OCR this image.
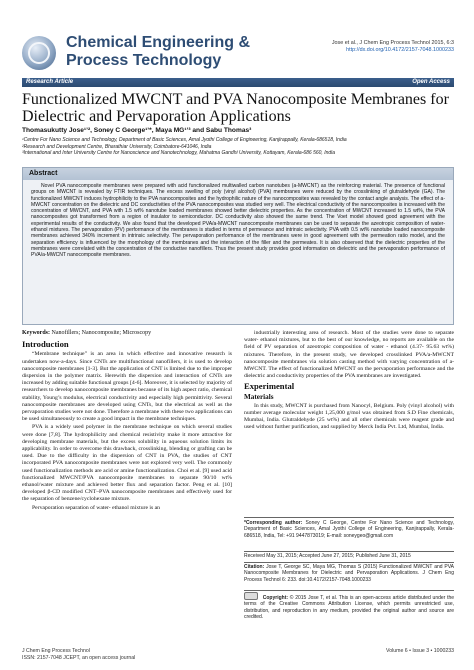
Chemical Engineering & Process Technology
Jose et al., J Chem Eng Process Technol 2015, 6:3
http://dx.doi.org/10.4172/2157-7048.1000233
Research Article	Open Access
Functionalized MWCNT and PVA Nanocomposite Membranes for Dielectric and Pervaporation Applications
Thomasukutty Jose¹ʼ², Soney C George¹ʼ*, Maya MG¹ʼ³ and Sabu Thomas³
¹Centre For Nano Science and Technology, Department of Basic Sciences, Amal Jyothi College of Engineering, Kanjirappally, Kerala-686518, India
²Research and Development Centre, Bharathiar University, Coimbatore-641046, India
³International and Inter University Centre for Nanoscience and Nanotechnology, Mahatma Gandhi University, Kottayam, Kerala-686 560, India
Abstract
Novel PVA nanocomposite membranes were prepared with acid functionalized multiwalled carbon nanotubes (a-MWCNT) as the reinforcing material. The presence of functional groups on MWCNT is revealed by FTIR techniques. The excess swelling of poly (vinyl alcohol) (PVA) membranes were reduced by the crosslinking of glutraldehyde (GA). The functionalized MWCNT induces hydrophilicity to the PVA nanocomposites and the hydrophilic nature of the nanocomposites was revealed by the contact angle analysis. The effect of a-MWCNT concentration on the dielectric and DC conductivities of the PVA nanocomposites was studied very well. The electrical conductivity of the nanocomposites is increased with the concentration of MWCNT, and PVA with 1.5 wt% nanotube loaded membranes showed better dielectric properties. As the concentration of MWCNT increased to 1.5 wt%, the PVA nanocomposites got transformed from a region of insulator to semiconductor. DC conductivity also showed the same trend. The Voet model showed good agreement with the experimental results of the conductivity. We also found that the developed PVA/a-MWCNT nanocomposite membranes can be used to separate the azeotropic composition of water-ethanol mixtures. The pervaporation (PV) performance of the membranes is studied in terms of permeance and intrinsic selectivity. PVA with 0.5 wt% nanotube loaded nanocomposite membranes achieved 340% increment in intrinsic selectivity. The pervaporation performance of the membranes were in good agreement with the permeation ratio model, and the separation efficiency is influenced by the morphology of the membranes and the interaction of the filler and the permeates. It is also observed that the dielectric properties of the membranes were correlated with the concentration of the conductive nanofillers. Thus the present study provides good information on dielectric and the pervaporation performance of PVA/a-MWCNT nanocomposite membranes.
Keywords: Nanofillers; Nanocomposite; Microscopy
Introduction

“Membrane technique” is an area in which effective and innovative research is undertaken now-a-days. Since CNTs are multifunctional nanofillers, it is used to develop nanocomposite membranes [1-3]. But the application of CNT is limited due to the improper dispersion in the polymer matrix. Herewith the dispersion and interaction of CNTs are increased by adding suitable functional groups [4-6]. Moreover, it is selected by majority of researchers to develop nanocomposite membranes because of its high aspect ratio, chemical stability, Young’s modulus, electrical conductivity and especially high permittivity. Several nanocomposite membranes are developed using CNTs, but the electrical as well as the pervaporation studies were not done. Therefore a membrane with these two applications can be used simultaneously to create a good impact in the membrane techniques.

PVA is a widely used polymer in the membrane technique on which several studies were done [7,8]. The hydrophilicity and chemical resistivity make it more attractive for developing membrane materials, but the excess solubility in aqueous solution limits its applicability. In order to overcome this drawback, crosslinking, blending or grafting can be used. Due to the difficulty in the dispersion of CNT in PVA, the studies of CNT incorporated PVA nanocomposite membranes were not explored very well. The commonly used functionalization methods are acid or amine functionalization. Choi et al. [9] used acid functionalized MWCNT/PVA nanocomposite membranes to separate 90/10 wt% ethanol/water mixture and achieved better flux and separation factor. Peng et al. [10] developed β-CD modified CNT–PVA nanocomposite membranes and effectively used for the separation of benzene/cyclohexane mixture.

Pervaporation separation of water- ethanol mixture is an

industrially interesting area of research. Most of the studies were done to separate water- ethanol mixtures, but to the best of our knowledge, no reports are available on the field of PV separation of azeotropic composition of water - ethanol (4.37- 95.63 wt%) mixtures. Therefore, in the present study, we developed crosslinked PVA/a-MWCNT nanocomposite membranes via solution casting method with varying concentration of a-MWCNT. The effect of functionalized MWCNT on the pervaporation performance and the dielectric and conductivity properties of the PVA membranes are investigated.

Experimental
Materials

In this study, MWCNT is purchased from Nanocyl, Belgium. Poly (vinyl alcohol) with number average molecular weight 1,25,000 g/mol was obtained from S.D Fine chemicals, Mumbai, India. Glutraldehyde (25 wt%) and all other chemicals were reagent grade and used without further purification, and supplied by Merck India Pvt. Ltd, Mumbai, India.

*Corresponding author: Soney C George, Centre For Nano Science and Technology, Department of Basic Sciences, Amal Jyothi College of Engineering, Kanjirappally, Kerala-686518, India, Tel: +91 9447873019; E-mail: soneygeo@gmail.com
Received May 31, 2015; Accepted June 27, 2015; Published June 31, 2015
Citation: Jose T, George SC, Maya MG, Thomas S (2015) Functionalized MWCNT and PVA Nanocomposite Membranes for Dielectric and Pervaporation Applications. J Chem Eng Process Technol 6: 233. doi:10.4172/2157-7048.1000233
Copyright: © 2015 Jose T, et al. This is an open-access article distributed under the terms of the Creative Commons Attribution License, which permits unrestricted use, distribution, and reproduction in any medium, provided the original author and source are credited.
J Chem Eng Process Technol
ISSN: 2157-7048 JCEPT, an open access journal
Volume 6 • Issue 3 • 1000233
